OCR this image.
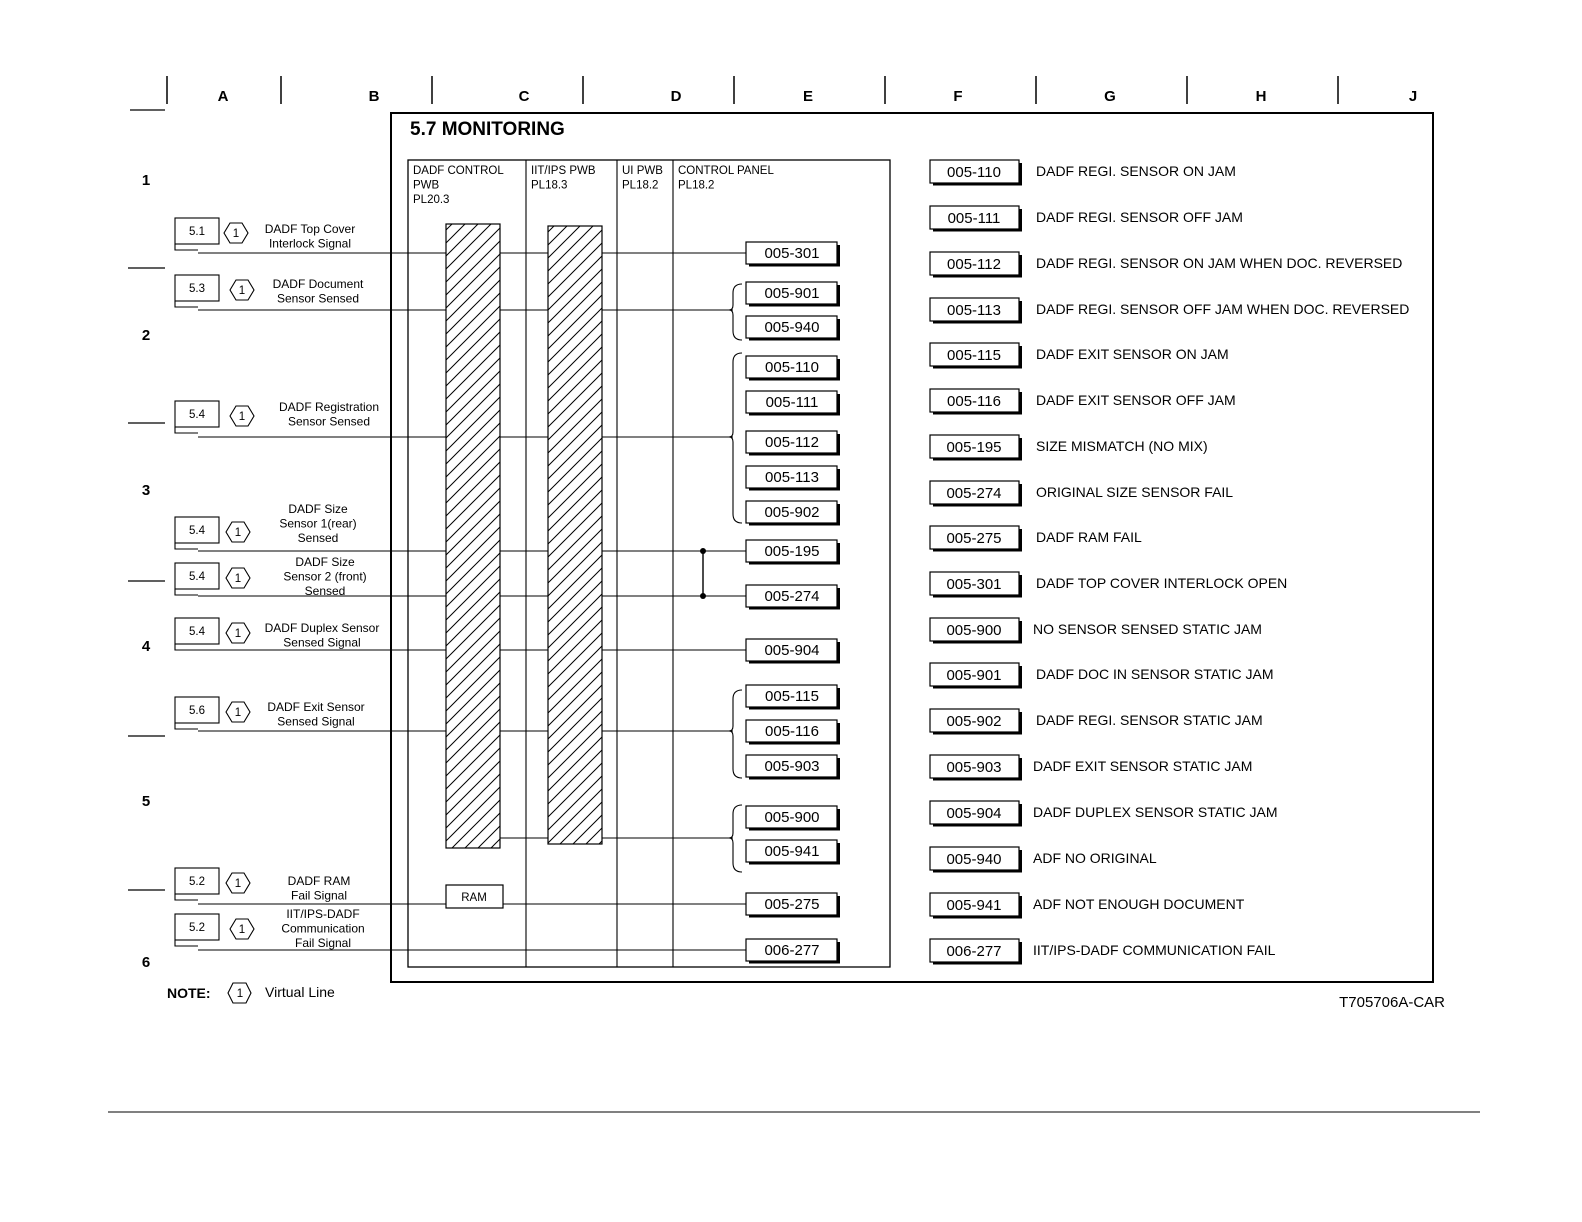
A	B	C	D	E	F	G	H	J
1
2
3
4
5
6
5.7 MONITORING
DADF CONTROL PWB PL20.3
IIT/IPS PWB PL18.3
UI PWB PL18.2
CONTROL PANEL PL18.2
RAM
5.1 1 DADF Top Cover Interlock Signal
5.3	1 DADF Document Sensor Sensed
5.4	1
DADF Registration Sensor Sensed
5.4	1
DADF Size Sensor 1(rear) Sensed
5.4	1
DADF Size Sensor 2 (front) Sensed
5.4	1 DADF Duplex Sensor Sensed Signal
5.6	1 DADF Exit Sensor Sensed Signal
5.2	1	DADF RAM Fail Signal
5.2	1
IIT/IPS-DADF Communication Fail Signal
005-301
005-901
005-940
005-110
005-111
005-112
005-113
005-902
005-195
005-274
005-904
005-115
005-116
005-903
005-900
005-941
005-275
006-277
005-110	DADF REGI. SENSOR ON JAM
005-111	DADF REGI. SENSOR OFF JAM
005-112	DADF REGI. SENSOR ON JAM WHEN DOC. REVERSED
005-113	DADF REGI. SENSOR OFF JAM WHEN DOC. REVERSED
005-115	DADF EXIT SENSOR ON JAM
005-116	DADF EXIT SENSOR OFF JAM
005-195 SIZE MISMATCH (NO MIX)
005-274 ORIGINAL SIZE SENSOR FAIL
005-275 DADF RAM FAIL
005-301 DADF TOP COVER INTERLOCK OPEN
005-900 NO SENSOR SENSED STATIC JAM
005-901 DADF DOC IN SENSOR STATIC JAM
005-902 DADF REGI. SENSOR STATIC JAM
005-903 DADF EXIT SENSOR STATIC JAM
005-904 DADF DUPLEX SENSOR STATIC JAM
005-940 ADF NO ORIGINAL
005-941 ADF NOT ENOUGH DOCUMENT
006-277 IIT/IPS-DADF COMMUNICATION FAIL
NOTE: 1 Virtual Line
T705706A-CAR
